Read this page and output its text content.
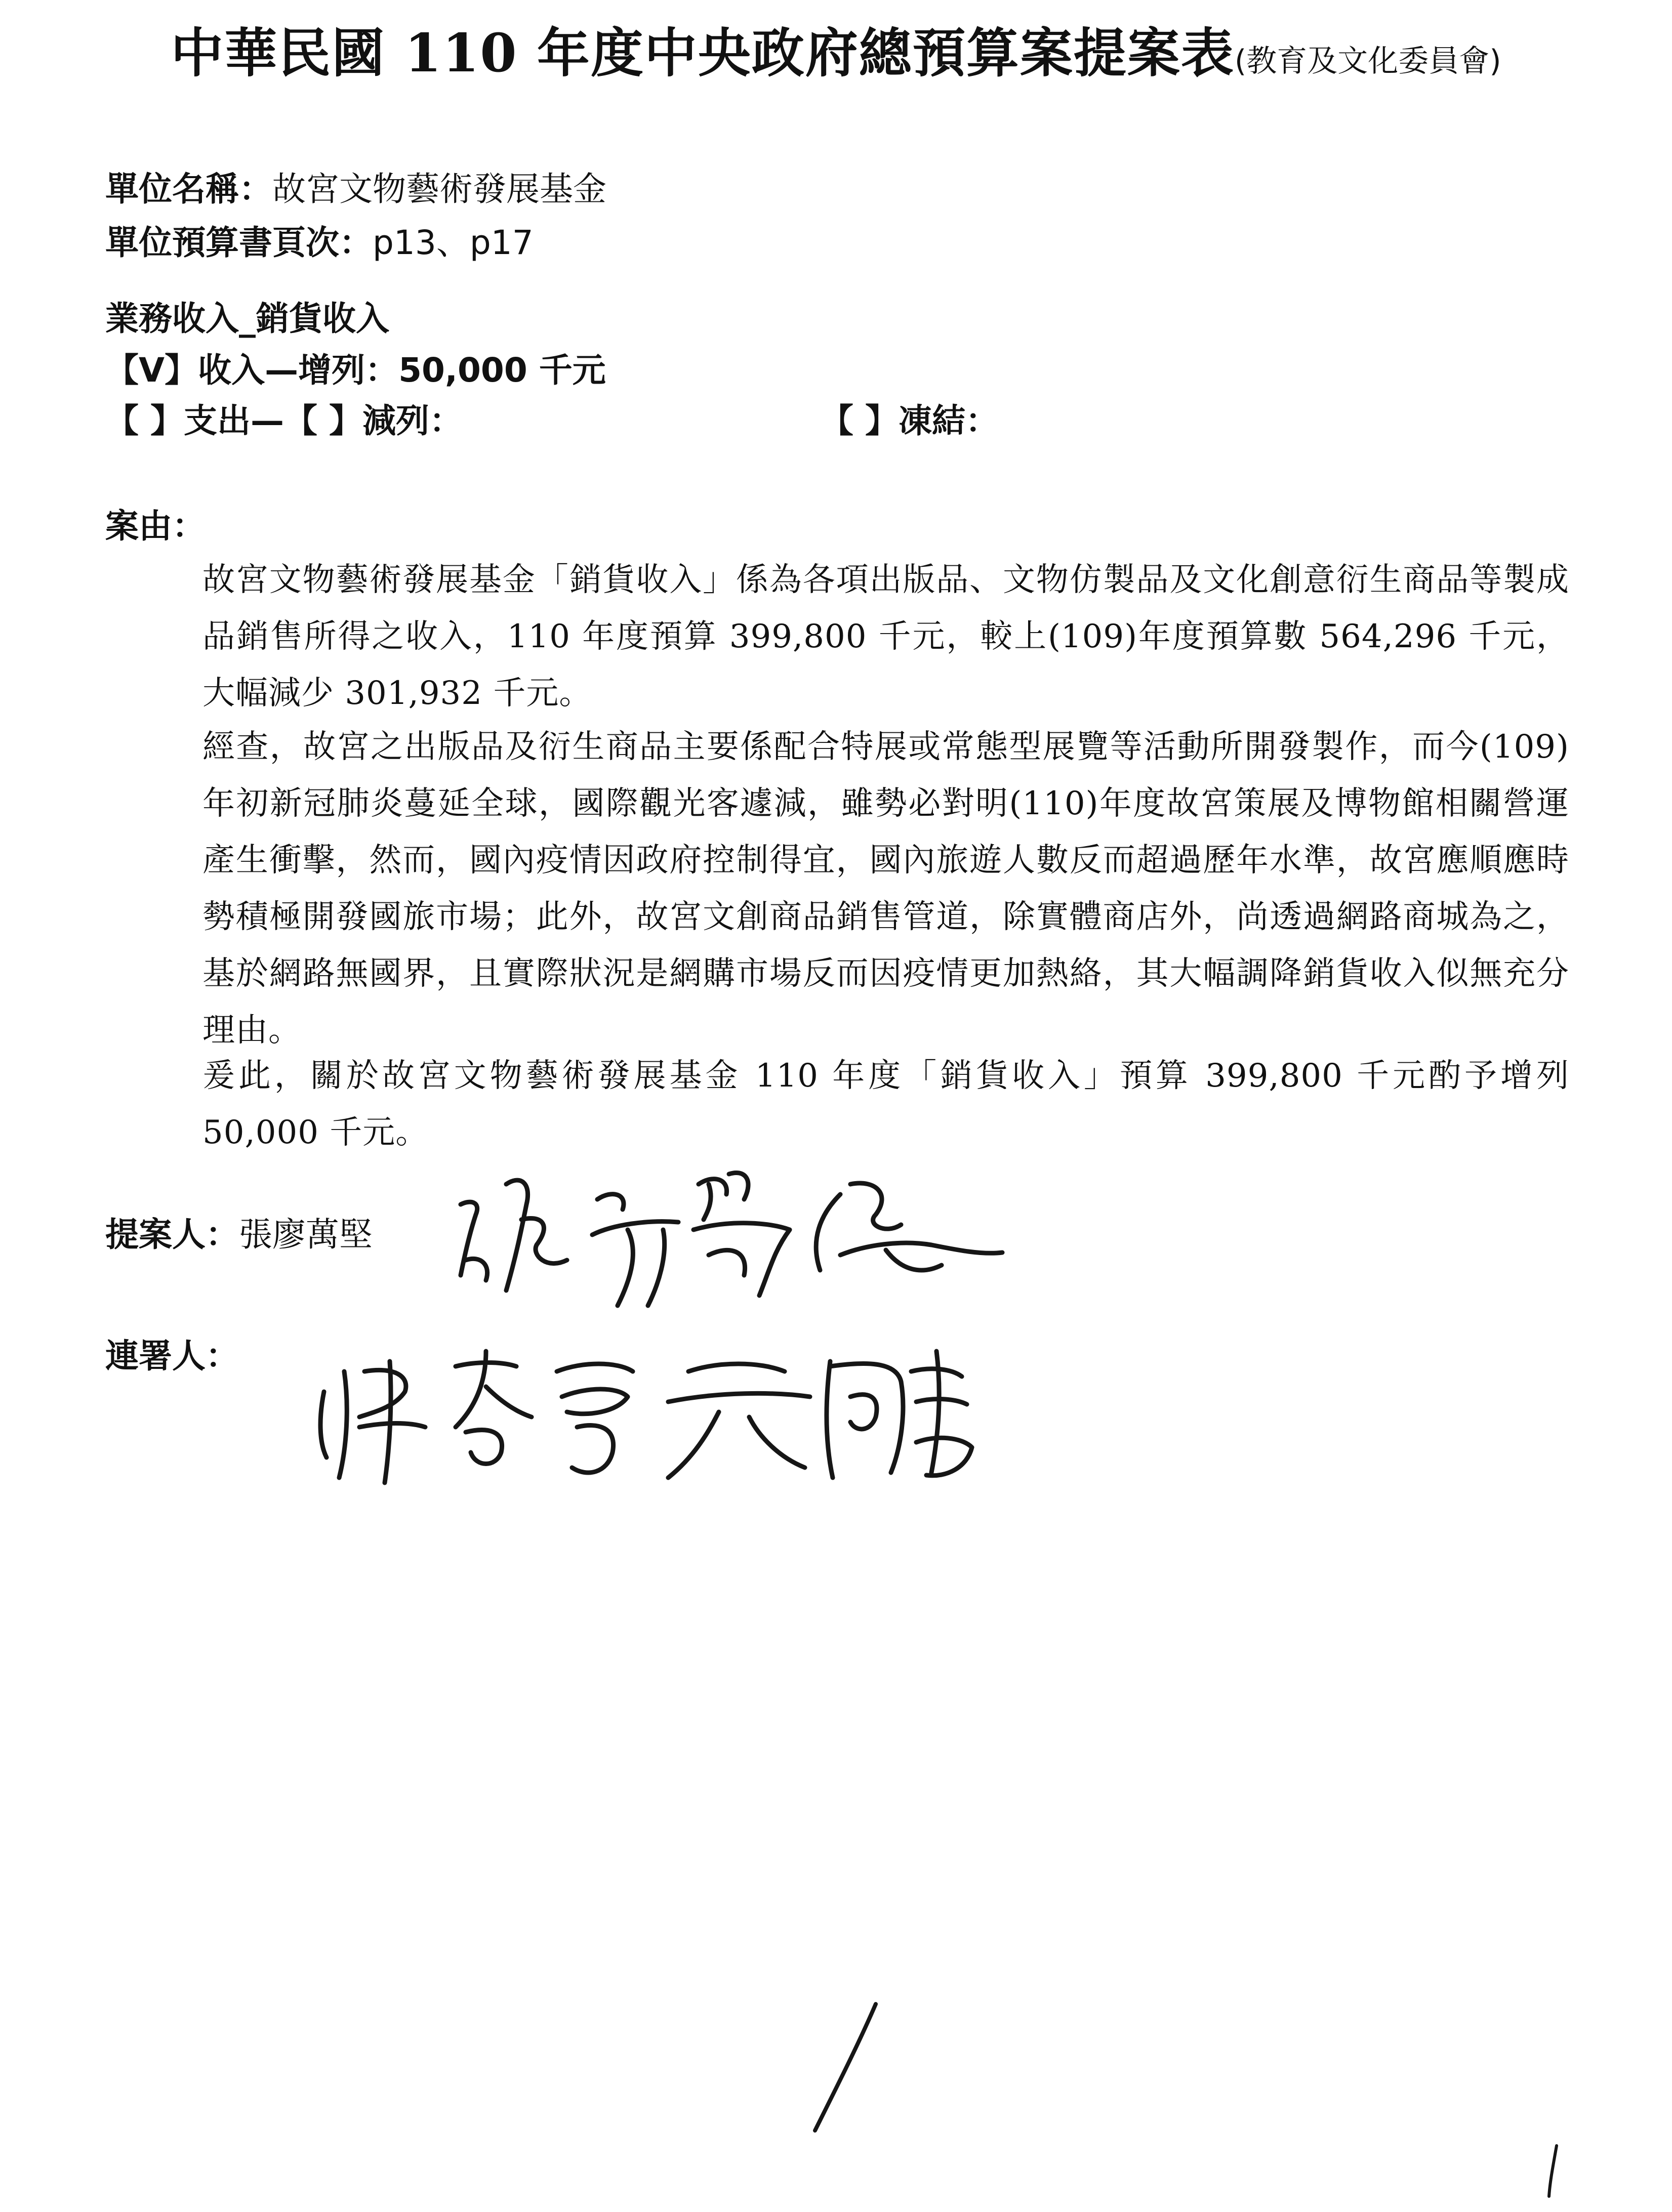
中華民國 110 年度中央政府總預算案提案表(教育及文化委員會)
單位名稱：故宮文物藝術發展基金
單位預算書頁次：p13、p17
業務收入_銷貨收入
【V】收入—增列：50,000 千元
【 】支出—【 】減列：	【 】凍結：
案由：
故宮文物藝術發展基金「銷貨收入」係為各項出版品、文物仿製品及文化創意衍生商品等製成品銷售所得之收入，110 年度預算 399,800 千元，較上(109)年度預算數 564,296 千元，大幅減少 301,932 千元。
經查，故宮之出版品及衍生商品主要係配合特展或常態型展覽等活動所開發製作，而今(109)年初新冠肺炎蔓延全球，國際觀光客遽減，雖勢必對明(110)年度故宮策展及博物館相關營運產生衝擊，然而，國內疫情因政府控制得宜，國內旅遊人數反而超過歷年水準，故宮應順應時勢積極開發國旅市場；此外，故宮文創商品銷售管道，除實體商店外，尚透過網路商城為之，基於網路無國界，且實際狀況是網購市場反而因疫情更加熱絡，其大幅調降銷貨收入似無充分理由。
爰此，關於故宮文物藝術發展基金 110 年度「銷貨收入」預算 399,800 千元酌予增列 50,000 千元。
提案人：張廖萬堅
連署人：
